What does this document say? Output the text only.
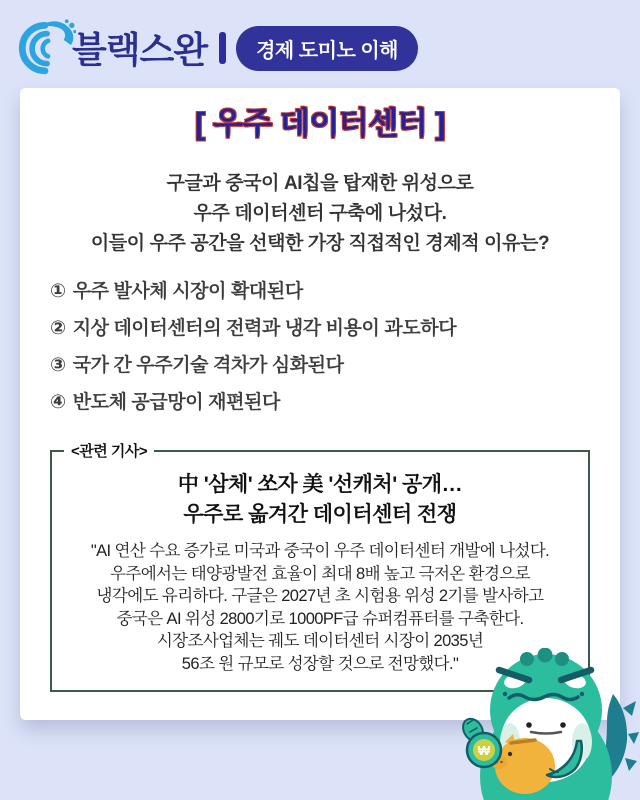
블랙스완	경제 도미노 이해
[ 우주 데이터센터 ]
구글과 중국이 AI칩을 탑재한 위성으로
우주 데이터센터 구축에 나섰다.
이들이 우주 공간을 선택한 가장 직접적인 경제적 이유는?
① 우주 발사체 시장이 확대된다
② 지상 데이터센터의 전력과 냉각 비용이 과도하다
③ 국가 간 우주기술 격차가 심화된다
④ 반도체 공급망이 재편된다
<관련 기사>
中 '삼체' 쏘자 美 '선캐처' 공개…
우주로 옮겨간 데이터센터 전쟁
"AI 연산 수요 증가로 미국과 중국이 우주 데이터센터 개발에 나섰다.
우주에서는 태양광발전 효율이 최대 8배 높고 극저온 환경으로
냉각에도 유리하다. 구글은 2027년 초 시험용 위성 2기를 발사하고
중국은 AI 위성 2800기로 1000PF급 슈퍼컴퓨터를 구축한다.
시장조사업체는 궤도 데이터센터 시장이 2035년
56조 원 규모로 성장할 것으로 전망했다."
₩
